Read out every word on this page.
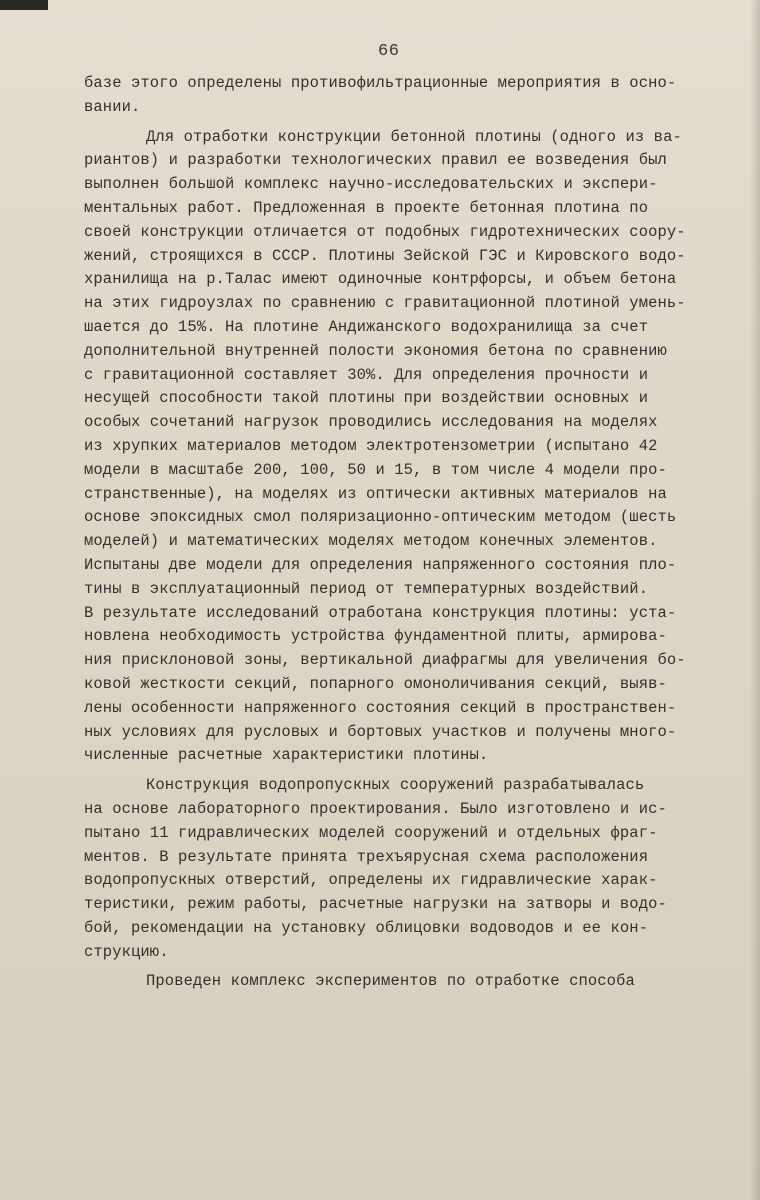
66
базе этого определены противофильтрационные мероприятия в осно-
вании.
Для отработки конструкции бетонной плотины (одного из ва-
риантов) и разработки технологических правил ее возведения был
выполнен большой комплекс научно-исследовательских и экспери-
ментальных работ. Предложенная в проекте бетонная плотина по
своей конструкции отличается от подобных гидротехнических соору-
жений, строящихся в СССР. Плотины Зейской ГЭС и Кировского водо-
хранилища на р.Талас имеют одиночные контрфорсы, и объем бетона
на этих гидроузлах по сравнению с гравитационной плотиной умень-
шается до 15%. На плотине Андижанского водохранилища за счет
дополнительной внутренней полости экономия бетона по сравнению
с гравитационной составляет 30%. Для определения прочности и
несущей способности такой плотины при воздействии основных и
особых сочетаний нагрузок проводились исследования на моделях
из хрупких материалов методом электротензометрии (испытано 42
модели в масштабе 200, 100, 50 и 15, в том числе 4 модели про-
странственные), на моделях из оптически активных материалов на
основе эпоксидных смол поляризационно-оптическим методом (шесть
моделей) и математических моделях методом конечных элементов.
Испытаны две модели для определения напряженного состояния пло-
тины в эксплуатационный период от температурных воздействий.
В результате исследований отработана конструкция плотины: уста-
новлена необходимость устройства фундаментной плиты, армирова-
ния присклоновой зоны, вертикальной диафрагмы для увеличения бо-
ковой жесткости секций, попарного омоноличивания секций, выяв-
лены особенности напряженного состояния секций в пространствен-
ных условиях для русловых и бортовых участков и получены много-
численные расчетные характеристики плотины.
Конструкция водопропускных сооружений разрабатывалась
на основе лабораторного проектирования. Было изготовлено и ис-
пытано 11 гидравлических моделей сооружений и отдельных фраг-
ментов. В результате принята трехъярусная схема расположения
водопропускных отверстий, определены их гидравлические харак-
теристики, режим работы, расчетные нагрузки на затворы и водо-
бой, рекомендации на установку облицовки водоводов и ее кон-
струкцию.
Проведен комплекс экспериментов по отработке способа
